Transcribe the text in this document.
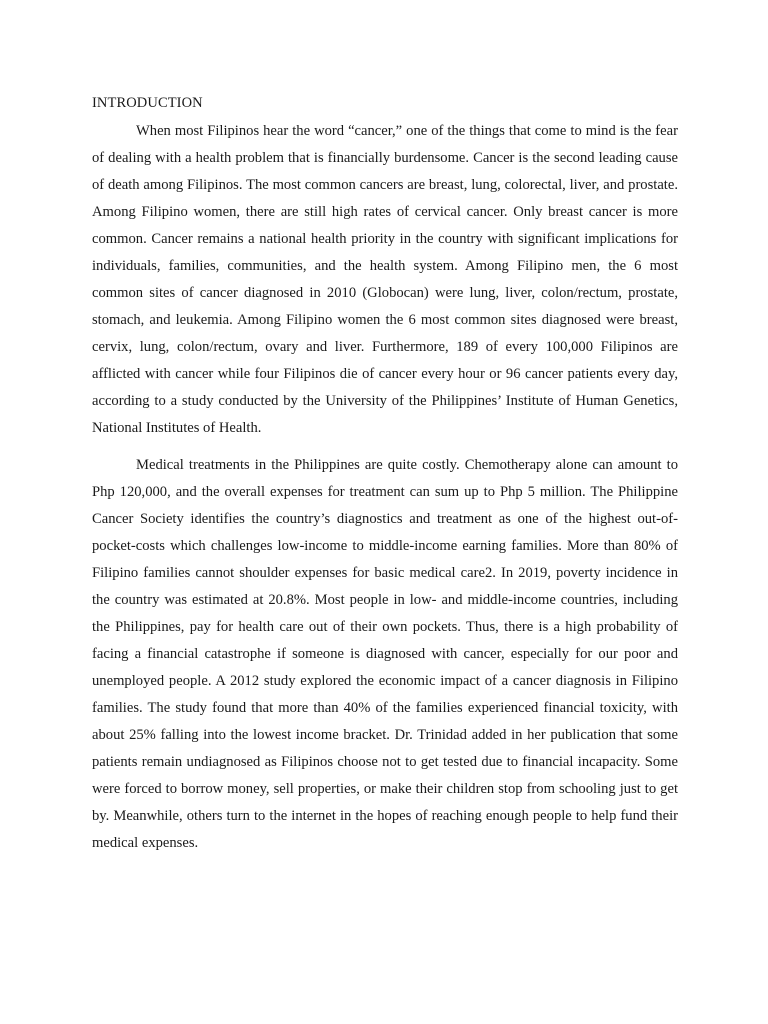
INTRODUCTION

When most Filipinos hear the word “cancer,” one of the things that come to mind is the fear of dealing with a health problem that is financially burdensome. Cancer is the second leading cause of death among Filipinos. The most common cancers are breast, lung, colorectal, liver, and prostate. Among Filipino women, there are still high rates of cervical cancer. Only breast cancer is more common. Cancer remains a national health priority in the country with significant implications for individuals, families, communities, and the health system. Among Filipino men, the 6 most common sites of cancer diagnosed in 2010 (Globocan) were lung, liver, colon/rectum, prostate, stomach, and leukemia. Among Filipino women the 6 most common sites diagnosed were breast, cervix, lung, colon/rectum, ovary and liver. Furthermore, 189 of every 100,000 Filipinos are afflicted with cancer while four Filipinos die of cancer every hour or 96 cancer patients every day, according to a study conducted by the University of the Philippines’ Institute of Human Genetics, National Institutes of Health.

Medical treatments in the Philippines are quite costly. Chemotherapy alone can amount to Php 120,000, and the overall expenses for treatment can sum up to Php 5 million. The Philippine Cancer Society identifies the country’s diagnostics and treatment as one of the highest out-of-pocket-costs which challenges low-income to middle-income earning families. More than 80% of Filipino families cannot shoulder expenses for basic medical care2. In 2019, poverty incidence in the country was estimated at 20.8%. Most people in low- and middle-income countries, including the Philippines, pay for health care out of their own pockets. Thus, there is a high probability of facing a financial catastrophe if someone is diagnosed with cancer, especially for our poor and unemployed people. A 2012 study explored the economic impact of a cancer diagnosis in Filipino families. The study found that more than 40% of the families experienced financial toxicity, with about 25% falling into the lowest income bracket. Dr. Trinidad added in her publication that some patients remain undiagnosed as Filipinos choose not to get tested due to financial incapacity. Some were forced to borrow money, sell properties, or make their children stop from schooling just to get by. Meanwhile, others turn to the internet in the hopes of reaching enough people to help fund their medical expenses.
